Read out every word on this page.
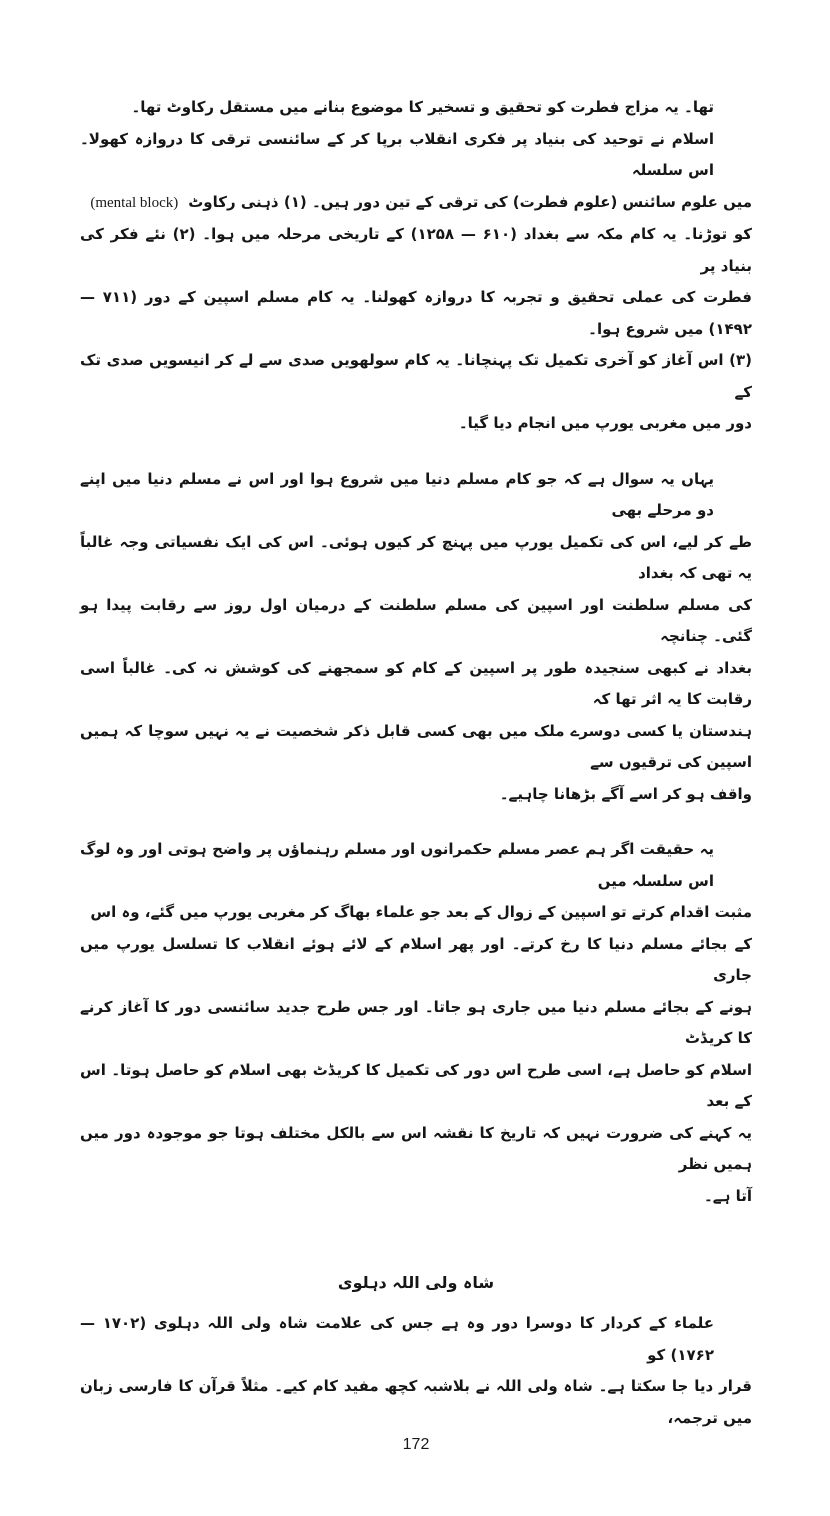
تھا۔ یہ مزاج فطرت کو تحقیق و تسخیر کا موضوع بنانے میں مستقل رکاوٹ تھا۔
اسلام نے توحید کی بنیاد پر فکری انقلاب برپا کر کے سائنسی ترقی کا دروازہ کھولا۔ اس سلسلہ
میں علوم سائنس (علوم فطرت) کی ترقی کے تین دور ہیں۔ (۱) ذہنی رکاوٹ(mental block)
کو توڑنا۔ یہ کام مکہ سے بغداد (۶۱۰ — ۱۲۵۸) کے تاریخی مرحلہ میں ہوا۔ (۲) نئے فکر کی بنیاد پر
فطرت کی عملی تحقیق و تجربہ کا دروازہ کھولنا۔ یہ کام مسلم اسپین کے دور (۷۱۱ — ۱۴۹۲) میں شروع ہوا۔
(۳) اس آغاز کو آخری تکمیل تک پہنچانا۔ یہ کام سولھویں صدی سے لے کر انیسویں صدی تک کے
دور میں مغربی یورپ میں انجام دیا گیا۔
یہاں یہ سوال ہے کہ جو کام مسلم دنیا میں شروع ہوا اور اس نے مسلم دنیا میں اپنے دو مرحلے بھی
طے کر لیے، اس کی تکمیل یورپ میں پہنچ کر کیوں ہوئی۔ اس کی ایک نفسیاتی وجہ غالباً یہ تھی کہ بغداد
کی مسلم سلطنت اور اسپین کی مسلم سلطنت کے درمیان اول روز سے رقابت پیدا ہو گئی۔ چنانچہ
بغداد نے کبھی سنجیدہ طور پر اسپین کے کام کو سمجھنے کی کوشش نہ کی۔ غالباً اسی رقابت کا یہ اثر تھا کہ
ہندستان یا کسی دوسرے ملک میں بھی کسی قابل ذکر شخصیت نے یہ نہیں سوچا کہ ہمیں اسپین کی ترقیوں سے
واقف ہو کر اسے آگے بڑھانا چاہیے۔
یہ حقیقت اگر ہم عصر مسلم حکمرانوں اور مسلم رہنماؤں پر واضح ہوتی اور وہ لوگ اس سلسلہ میں
مثبت اقدام کرتے تو اسپین کے زوال کے بعد جو علماء بھاگ کر مغربی یورپ میں گئے، وہ اس
کے بجائے مسلم دنیا کا رخ کرتے۔ اور پھر اسلام کے لائے ہوئے انقلاب کا تسلسل یورپ میں جاری
ہونے کے بجائے مسلم دنیا میں جاری ہو جاتا۔ اور جس طرح جدید سائنسی دور کا آغاز کرنے کا کریڈٹ
اسلام کو حاصل ہے، اسی طرح اس دور کی تکمیل کا کریڈٹ بھی اسلام کو حاصل ہوتا۔ اس کے بعد
یہ کہنے کی ضرورت نہیں کہ تاریخ کا نقشہ اس سے بالکل مختلف ہوتا جو موجودہ دور میں ہمیں نظر
آتا ہے۔
شاہ ولی اللہ دہلوی
علماء کے کردار کا دوسرا دور وہ ہے جس کی علامت شاہ ولی اللہ دہلوی (۱۷۰۲ — ۱۷۶۲) کو
قرار دیا جا سکتا ہے۔ شاہ ولی اللہ نے بلاشبہ کچھ مفید کام کیے۔ مثلاً قرآن کا فارسی زبان میں ترجمہ،
172
